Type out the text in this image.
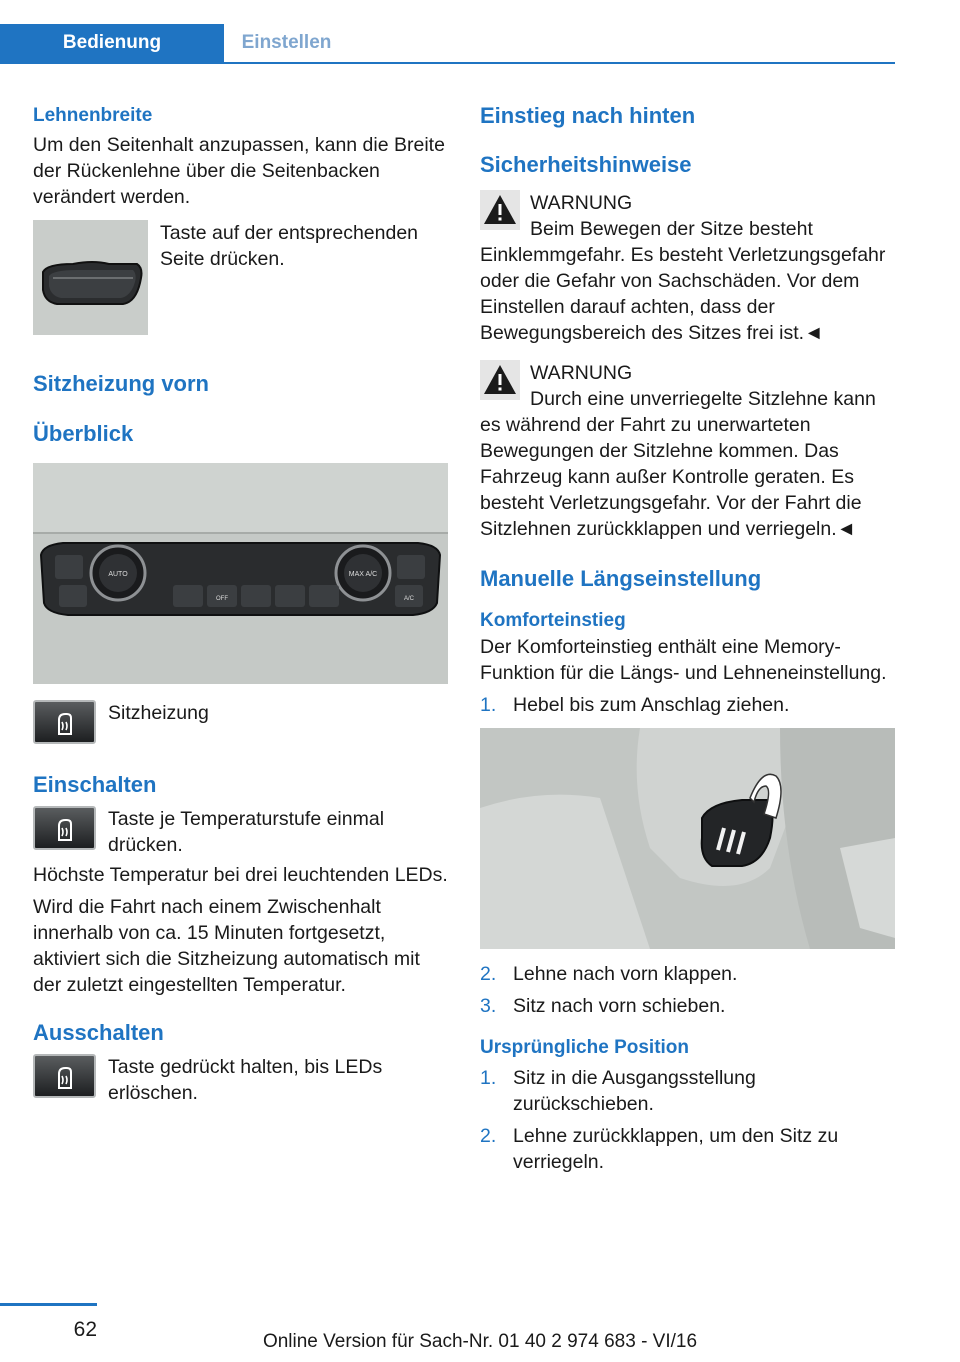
Bedienung	Einstellen
Lehnenbreite

Um den Seitenhalt anzupassen, kann die Breite der Rückenlehne über die Seitenbacken verändert werden.

Taste auf der entsprechenden Seite drücken.

Sitzheizung vorn
Überblick
AUTO	MAX A/C
OFF	A/C

Sitzheizung

Einschalten

Taste je Temperaturstufe einmal drücken.

Höchste Temperatur bei drei leuchtenden LEDs.

Wird die Fahrt nach einem Zwischenhalt innerhalb von ca. 15 Minuten fortgesetzt, aktiviert sich die Sitzheizung automatisch mit der zuletzt eingestellten Temperatur.

Ausschalten

Taste gedrückt halten, bis LEDs erlöschen.

Einstieg nach hinten
Sicherheitshinweise

WARNUNG

Beim Bewegen der Sitze besteht Einklemmgefahr. Es besteht Verletzungsgefahr oder die Gefahr von Sachschäden. Vor dem Einstellen darauf achten, dass der Bewegungsbereich des Sitzes frei ist.◄

WARNUNG

Durch eine unverriegelte Sitzlehne kann es während der Fahrt zu unerwarteten Bewegungen der Sitzlehne kommen. Das Fahrzeug kann außer Kontrolle geraten. Es besteht Verletzungsgefahr. Vor der Fahrt die Sitzlehnen zurückklappen und verriegeln.◄

Manuelle Längseinstellung
Komforteinstieg

Der Komforteinstieg enthält eine Memory-Funktion für die Längs- und Lehneneinstellung.

1. Hebel bis zum Anschlag ziehen.
2. Lehne nach vorn klappen.
3. Sitz nach vorn schieben.
Ursprüngliche Position
1. Sitz in die Ausgangsstellung zurückschieben.
2. Lehne zurückklappen, um den Sitz zu verriegeln.
62
Online Version für Sach-Nr. 01 40 2 974 683 - VI/16
